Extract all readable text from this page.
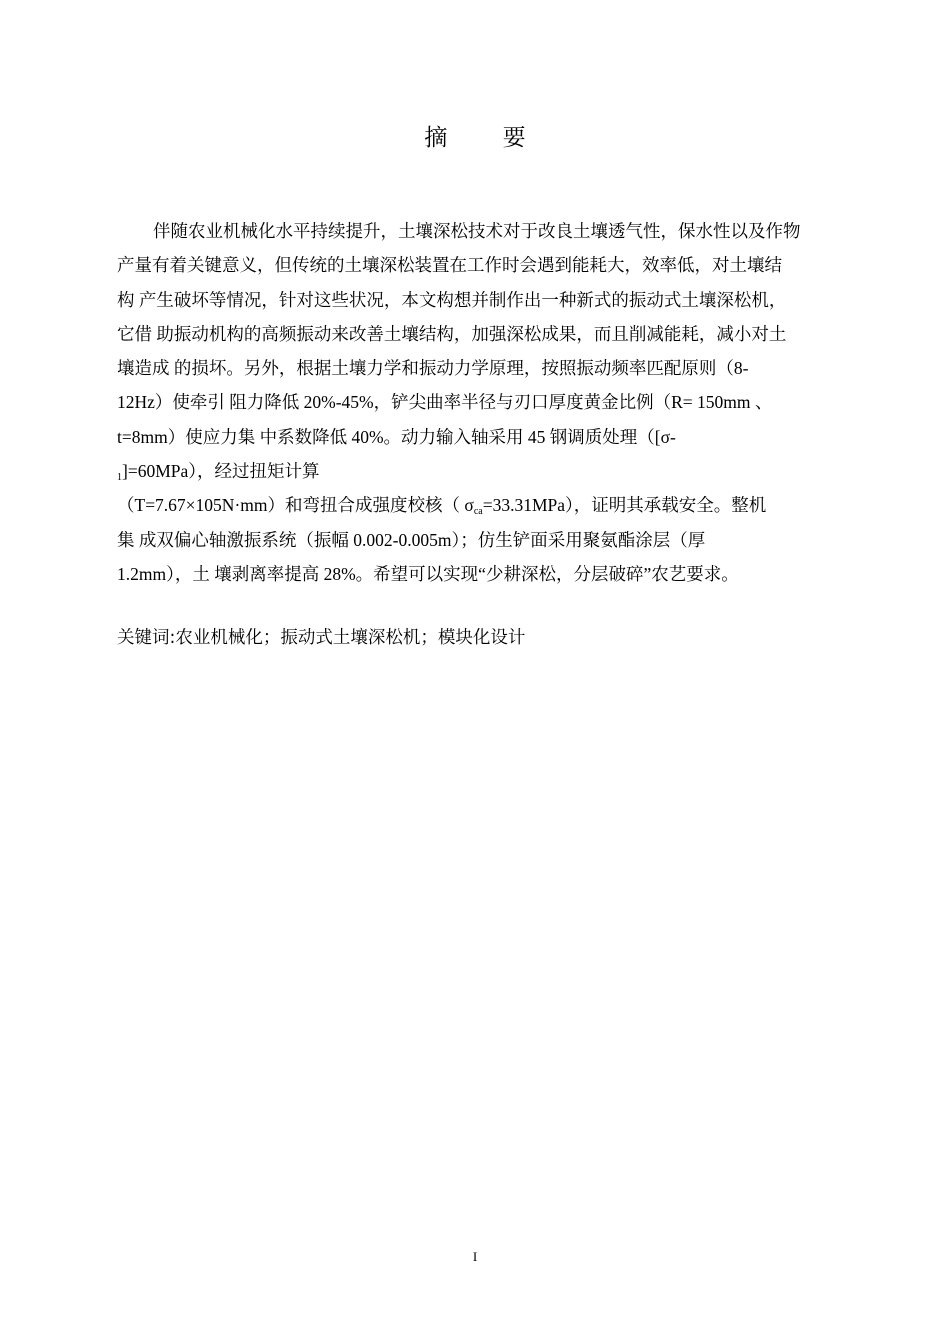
摘 要
伴随农业机械化水平持续提升，土壤深松技术对于改良土壤透气性，保水性以及作物
产量有着关键意义，但传统的土壤深松装置在工作时会遇到能耗大，效率低，对土壤结
构 产生破坏等情况，针对这些状况，本文构想并制作出一种新式的振动式土壤深松机，
它借 助振动机构的高频振动来改善土壤结构，加强深松成果，而且削减能耗，减小对土
壤造成 的损坏。另外，根据土壤力学和振动力学原理，按照振动频率匹配原则（8-
12Hz）使牵引 阻力降低 20%-45%，铲尖曲率半径与刃口厚度黄金比例（R= 150mm 、
t=8mm）使应力集 中系数降低 40%。动力输入轴采用 45 钢调质处理（[σ-
$_1$]=60MPa），经过扭矩计算
（T=7.67×105N·mm）和弯扭合成强度校核（ $\sigma_{ca}=33.31MPa$），证明其承载安全。整机
集 成双偏心轴激振系统（振幅 0.002-0.005m）；仿生铲面采用聚氨酯涂层（厚
1.2mm），土 壤剥离率提高 28%。希望可以实现“少耕深松，分层破碎”农艺要求。
关键词:农业机械化；振动式土壤深松机；模块化设计
I
